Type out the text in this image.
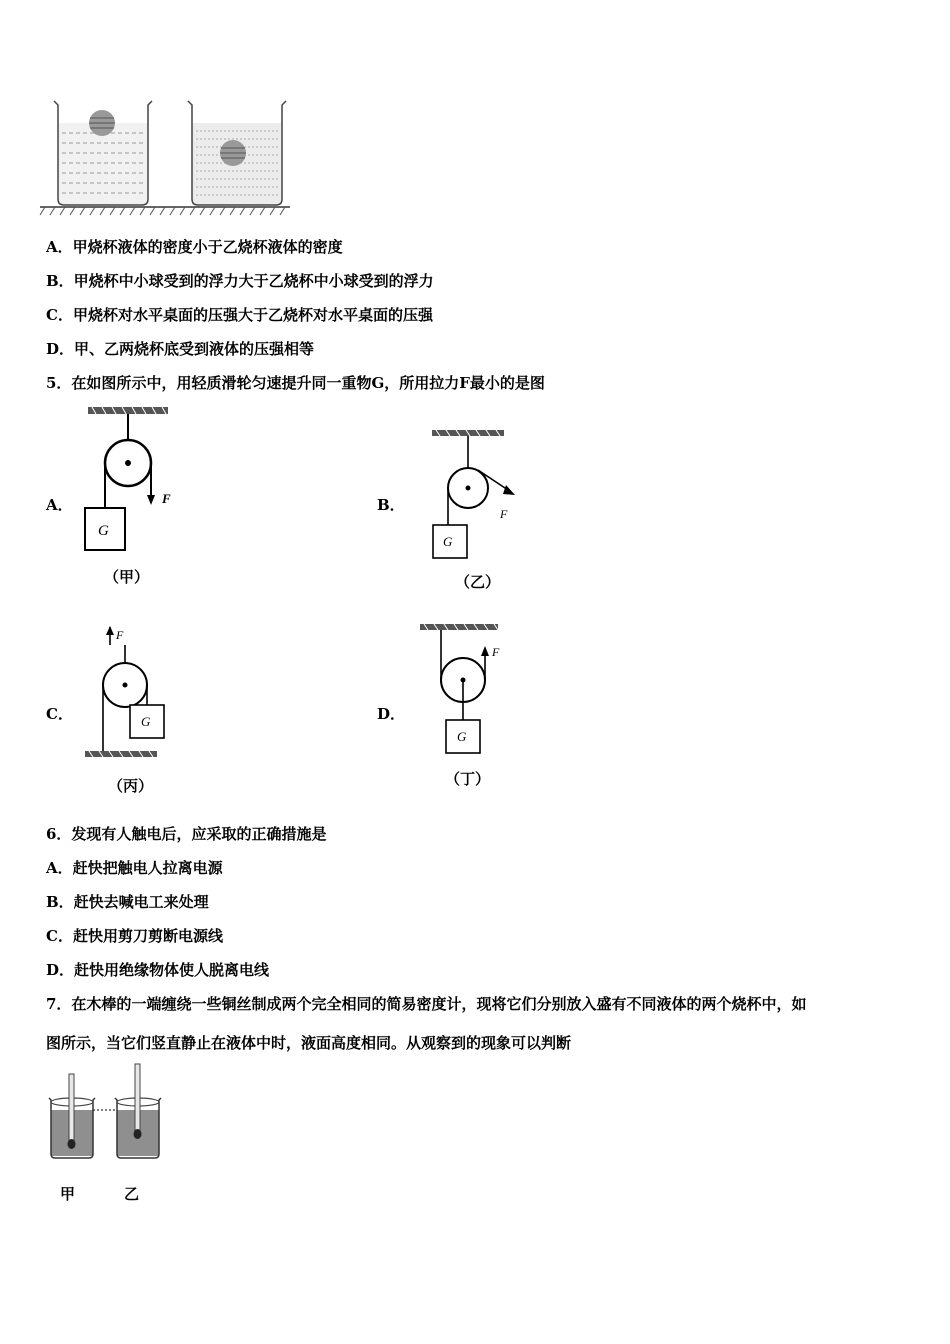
A．甲烧杯液体的密度小于乙烧杯液体的密度
B．甲烧杯中小球受到的浮力大于乙烧杯中小球受到的浮力
C．甲烧杯对水平桌面的压强大于乙烧杯对水平桌面的压强
D．甲、乙两烧杯底受到液体的压强相等
5．在如图所示中，用轻质滑轮匀速提升同一重物G，所用拉力F最小的是图
A．	F
G
（甲）
B．	F
G
（乙）
C．
F
G
（丙）
D．
F
G
（丁）
6．发现有人触电后，应采取的正确措施是
A．赶快把触电人拉离电源
B．赶快去喊电工来处理
C．赶快用剪刀剪断电源线
D．赶快用绝缘物体使人脱离电线
7．在木棒的一端缠绕一些铜丝制成两个完全相同的简易密度计，现将它们分别放入盛有不同液体的两个烧杯中，如
图所示，当它们竖直静止在液体中时，液面高度相同。从观察到的现象可以判断
甲	乙
